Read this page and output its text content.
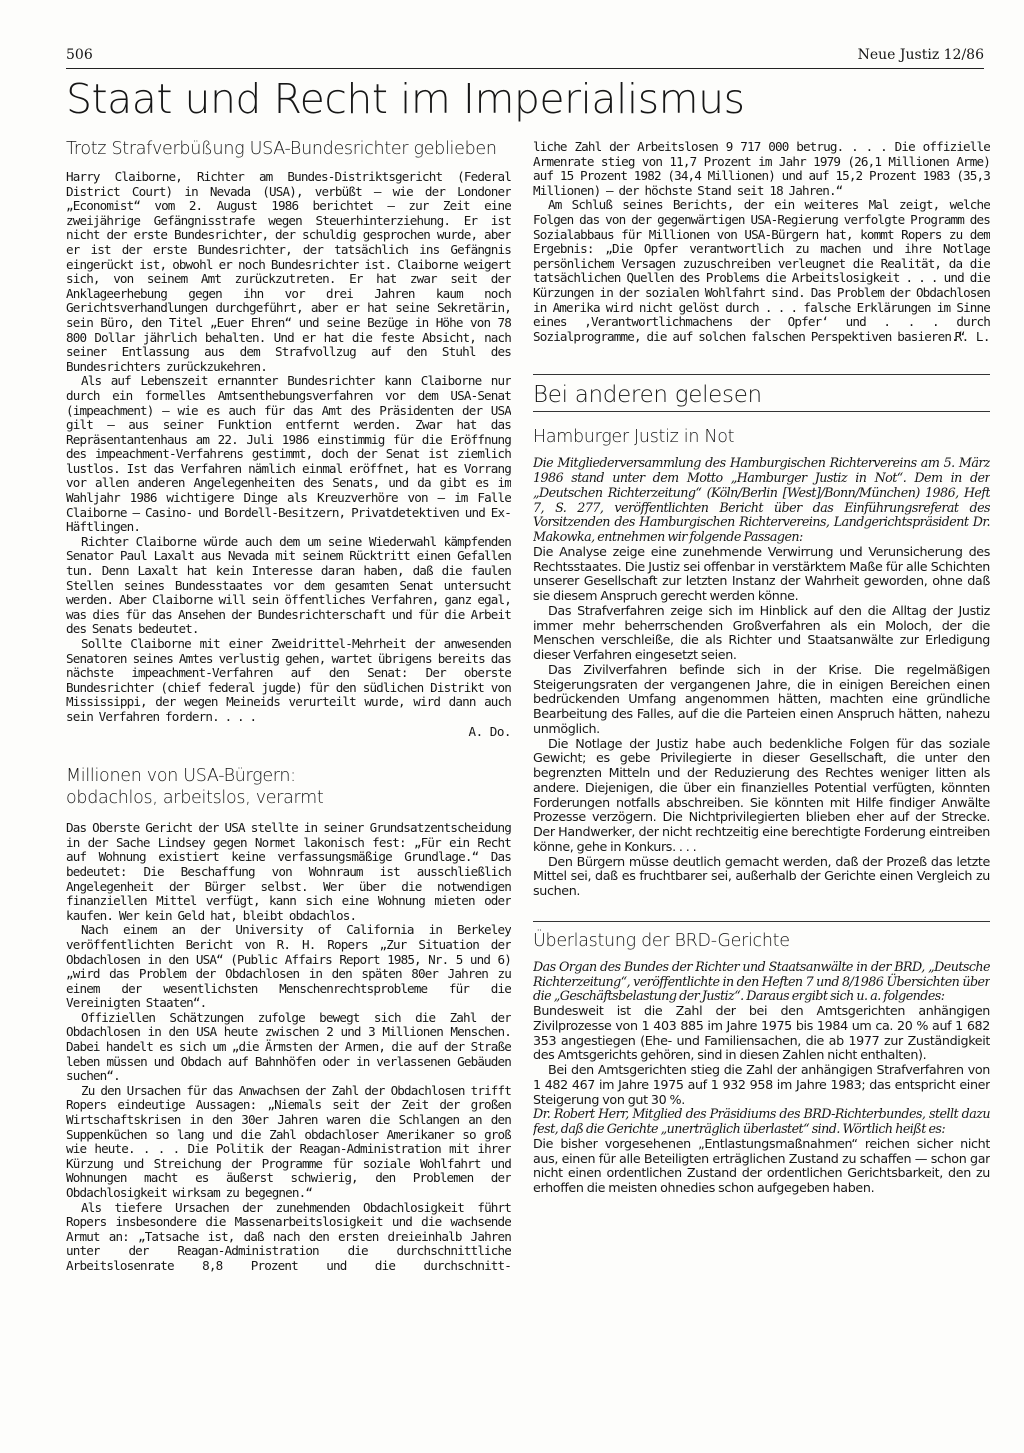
506	Neue Justiz 12/86
Staat und Recht im Imperialismus
Trotz Strafverbüßung USA-Bundesrichter geblieben

Harry Claiborne, Richter am Bundes-Distriktsgericht (Federal District Court) in Nevada (USA), verbüßt — wie der Londoner „Economist“ vom 2. August 1986 berichtet — zur Zeit eine zweijährige Gefängnisstrafe wegen Steuerhinterziehung. Er ist nicht der erste Bundesrichter, der schuldig gesprochen wurde, aber er ist der erste Bundesrichter, der tatsächlich ins Gefängnis eingerückt ist, obwohl er noch Bundesrichter ist. Claiborne weigert sich, von seinem Amt zurückzutreten. Er hat zwar seit der Anklageerhebung gegen ihn vor drei Jahren kaum noch Gerichtsverhandlungen durchgeführt, aber er hat seine Sekretärin, sein Büro, den Titel „Euer Ehren“ und seine Bezüge in Höhe von 78 800 Dollar jährlich behalten. Und er hat die feste Absicht, nach seiner Entlassung aus dem Strafvollzug auf den Stuhl des Bundesrichters zurückzukehren.

Als auf Lebenszeit ernannter Bundesrichter kann Claiborne nur durch ein formelles Amtsenthebungsverfahren vor dem USA-Senat (impeachment) — wie es auch für das Amt des Präsidenten der USA gilt — aus seiner Funktion entfernt werden. Zwar hat das Repräsentantenhaus am 22. Juli 1986 einstimmig für die Eröffnung des impeachment-Verfahrens gestimmt, doch der Senat ist ziemlich lustlos. Ist das Verfahren nämlich einmal eröffnet, hat es Vorrang vor allen anderen Angelegenheiten des Senats, und da gibt es im Wahljahr 1986 wichtigere Dinge als Kreuzverhöre von — im Falle Claiborne — Casino- und Bordell-Besitzern, Privatdetektiven und Ex-Häftlingen.

Richter Claiborne würde auch dem um seine Wiederwahl kämpfenden Senator Paul Laxalt aus Nevada mit seinem Rücktritt einen Gefallen tun. Denn Laxalt hat kein Interesse daran haben, daß die faulen Stellen seines Bundesstaates vor dem gesamten Senat untersucht werden. Aber Claiborne will sein öffentliches Verfahren, ganz egal, was dies für das Ansehen der Bundesrichterschaft und für die Arbeit des Senats bedeutet.

Sollte Claiborne mit einer Zweidrittel-Mehrheit der anwesenden Senatoren seines Amtes verlustig gehen, wartet übrigens bereits das nächste impeachment-Verfahren auf den Senat: Der oberste Bundesrichter (chief federal jugde) für den südlichen Distrikt von Mississippi, der wegen Meineids verurteilt wurde, wird dann auch sein Verfahren fordern. . . .

A. Do.
Millionen von USA-Bürgern:
obdachlos, arbeitslos, verarmt

Das Oberste Gericht der USA stellte in seiner Grundsatzentscheidung in der Sache Lindsey gegen Normet lakonisch fest: „Für ein Recht auf Wohnung existiert keine verfassungsmäßige Grundlage.“ Das bedeutet: Die Beschaffung von Wohnraum ist ausschließlich Angelegenheit der Bürger selbst. Wer über die notwendigen finanziellen Mittel verfügt, kann sich eine Wohnung mieten oder kaufen. Wer kein Geld hat, bleibt obdachlos.

Nach einem an der University of California in Berkeley veröffentlichten Bericht von R. H. Ropers „Zur Situation der Obdachlosen in den USA“ (Public Affairs Report 1985, Nr. 5 und 6) „wird das Problem der Obdachlosen in den späten 80er Jahren zu einem der wesentlichsten Menschenrechtsprobleme für die Vereinigten Staaten“.

Offiziellen Schätzungen zufolge bewegt sich die Zahl der Obdachlosen in den USA heute zwischen 2 und 3 Millionen Menschen. Dabei handelt es sich um „die Ärmsten der Armen, die auf der Straße leben müssen und Obdach auf Bahnhöfen oder in verlassenen Gebäuden suchen“.

Zu den Ursachen für das Anwachsen der Zahl der Obdachlosen trifft Ropers eindeutige Aussagen: „Niemals seit der Zeit der großen Wirtschaftskrisen in den 30er Jahren waren die Schlangen an den Suppenküchen so lang und die Zahl obdachloser Amerikaner so groß wie heute. . . . Die Politik der Reagan-Administration mit ihrer Kürzung und Streichung der Programme für soziale Wohlfahrt und Wohnungen macht es äußerst schwierig, den Problemen der Obdachlosigkeit wirksam zu begegnen.“

Als tiefere Ursachen der zunehmenden Obdachlosigkeit führt Ropers insbesondere die Massenarbeitslosigkeit und die wachsende Armut an: „Tatsache ist, daß nach den ersten dreieinhalb Jahren unter der Reagan-Administration die durchschnittliche Arbeitslosenrate 8,8 Prozent und die durchschnitt-

liche Zahl der Arbeitslosen 9 717 000 betrug. . . . Die offizielle Armenrate stieg von 11,7 Prozent im Jahr 1979 (26,1 Millionen Arme) auf 15 Prozent 1982 (34,4 Millionen) und auf 15,2 Prozent 1983 (35,3 Millionen) — der höchste Stand seit 18 Jahren.“

Am Schluß seines Berichts, der ein weiteres Mal zeigt, welche Folgen das von der gegenwärtigen USA-Regierung verfolgte Programm des Sozialabbaus für Millionen von USA-Bürgern hat, kommt Ropers zu dem Ergebnis: „Die Opfer verantwortlich zu machen und ihre Notlage persönlichem Versagen zuzuschreiben verleugnet die Realität, da die tatsächlichen Quellen des Problems die Arbeitslosigkeit . . . und die Kürzungen in der sozialen Wohlfahrt sind. Das Problem der Obdachlosen in Amerika wird nicht gelöst durch . . . falsche Erklärungen im Sinne eines ‚Verantwortlichmachens der Opfer‘ und . . . durch Sozialprogramme, die auf solchen falschen Perspektiven basieren.“

R. L.
Bei anderen gelesen
Hamburger Justiz in Not

Die Mitgliederversammlung des Hamburgischen Richtervereins am 5. März 1986 stand unter dem Motto „Hamburger Justiz in Not“. Dem in der „Deutschen Richterzeitung“ (Köln/Berlin [West]/Bonn/München) 1986, Heft 7, S. 277, veröffentlichten Bericht über das Einführungsreferat des Vorsitzenden des Hamburgischen Richtervereins, Landgerichtspräsident Dr. Makowka, entnehmen wir folgende Passagen:

Die Analyse zeige eine zunehmende Verwirrung und Verunsicherung des Rechtsstaates. Die Justiz sei offenbar in verstärktem Maße für alle Schichten unserer Gesellschaft zur letzten Instanz der Wahrheit geworden, ohne daß sie diesem Anspruch gerecht werden könne.

Das Strafverfahren zeige sich im Hinblick auf den die Alltag der Justiz immer mehr beherrschenden Großverfahren als ein Moloch, der die Menschen verschleiße, die als Richter und Staatsanwälte zur Erledigung dieser Verfahren eingesetzt seien.

Das Zivilverfahren befinde sich in der Krise. Die regelmäßigen Steigerungsraten der vergangenen Jahre, die in einigen Bereichen einen bedrückenden Umfang angenommen hätten, machten eine gründliche Bearbeitung des Falles, auf die die Parteien einen Anspruch hätten, nahezu unmöglich.

Die Notlage der Justiz habe auch bedenkliche Folgen für das soziale Gewicht; es gebe Privilegierte in dieser Gesellschaft, die unter den begrenzten Mitteln und der Reduzierung des Rechtes weniger litten als andere. Diejenigen, die über ein finanzielles Potential verfügten, könnten Forderungen notfalls abschreiben. Sie könnten mit Hilfe findiger Anwälte Prozesse verzögern. Die Nichtprivilegierten blieben eher auf der Strecke. Der Handwerker, der nicht rechtzeitig eine berechtigte Forderung eintreiben könne, gehe in Konkurs. . . .

Den Bürgern müsse deutlich gemacht werden, daß der Prozeß das letzte Mittel sei, daß es fruchtbarer sei, außerhalb der Gerichte einen Vergleich zu suchen.

Überlastung der BRD-Gerichte

Das Organ des Bundes der Richter und Staatsanwälte in der BRD, „Deutsche Richterzeitung“, veröffentlichte in den Heften 7 und 8/1986 Übersichten über die „Geschäftsbelastung der Justiz“. Daraus ergibt sich u. a. folgendes:

Bundesweit ist die Zahl der bei den Amtsgerichten anhängigen Zivilprozesse von 1 403 885 im Jahre 1975 bis 1984 um ca. 20 % auf 1 682 353 angestiegen (Ehe- und Familiensachen, die ab 1977 zur Zuständigkeit des Amtsgerichts gehören, sind in diesen Zahlen nicht enthalten).

Bei den Amtsgerichten stieg die Zahl der anhängigen Strafverfahren von 1 482 467 im Jahre 1975 auf 1 932 958 im Jahre 1983; das entspricht einer Steigerung von gut 30 %.

Dr. Robert Herr, Mitglied des Präsidiums des BRD-Richterbundes, stellt dazu fest, daß die Gerichte „unerträglich überlastet“ sind. Wörtlich heißt es:

Die bisher vorgesehenen „Entlastungsmaßnahmen“ reichen sicher nicht aus, einen für alle Beteiligten erträglichen Zustand zu schaffen — schon gar nicht einen ordentlichen Zustand der ordentlichen Gerichtsbarkeit, den zu erhoffen die meisten ohnedies schon aufgegeben haben.
